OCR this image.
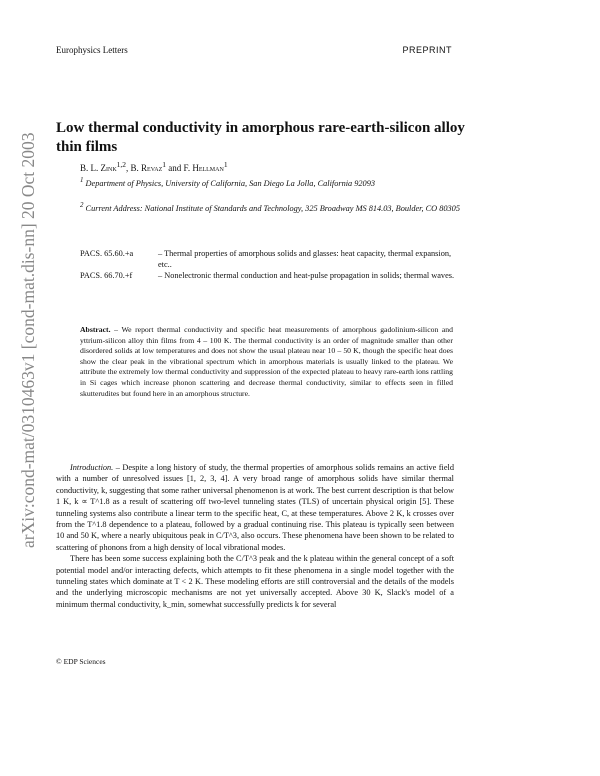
Europhysics Letters	PREPRINT
arXiv:cond-mat/0310463v1 [cond-mat.dis-nn] 20 Oct 2003
Low thermal conductivity in amorphous rare-earth-silicon alloy thin films
B. L. Zink$^{1,2}$, B. Revaz$^1$ and F. Hellman$^1$
$^1$ Department of Physics, University of California, San Diego La Jolla, California 92093
$^2$ Current Address: National Institute of Standards and Technology, 325 Broadway MS 814.03, Boulder, CO 80305
PACS. 65.60.+a	– Thermal properties of amorphous solids and glasses: heat capacity, thermal expansion, etc..
PACS. 66.70.+f	– Nonelectronic thermal conduction and heat-pulse propagation in solids; thermal waves.
Abstract. – We report thermal conductivity and specific heat measurements of amorphous gadolinium-silicon and yttrium-silicon alloy thin films from 4 – 100 K. The thermal conductivity is an order of magnitude smaller than other disordered solids at low temperatures and does not show the usual plateau near 10 – 50 K, though the specific heat does show the clear peak in the vibrational spectrum which in amorphous materials is usually linked to the plateau. We attribute the extremely low thermal conductivity and suppression of the expected plateau to heavy rare-earth ions rattling in Si cages which increase phonon scattering and decrease thermal conductivity, similar to effects seen in filled skutterudites but found here in an amorphous structure.

Introduction. – Despite a long history of study, the thermal properties of amorphous solids remains an active field with a number of unresolved issues [1, 2, 3, 4]. A very broad range of amorphous solids have similar thermal conductivity, k, suggesting that some rather universal phenomenon is at work. The best current description is that below 1 K, k ∝ T^1.8 as a result of scattering off two-level tunneling states (TLS) of uncertain physical origin [5]. These tunneling systems also contribute a linear term to the specific heat, C, at these temperatures. Above 2 K, k crosses over from the T^1.8 dependence to a plateau, followed by a gradual continuing rise. This plateau is typically seen between 10 and 50 K, where a nearly ubiquitous peak in C/T^3, also occurs. These phenomena have been shown to be related to scattering of phonons from a high density of local vibrational modes.

There has been some success explaining both the C/T^3 peak and the k plateau within the general concept of a soft potential model and/or interacting defects, which attempts to fit these phenomena in a single model together with the tunneling states which dominate at T < 2 K. These modeling efforts are still controversial and the details of the models and the underlying microscopic mechanisms are not yet universally accepted. Above 30 K, Slack's model of a minimum thermal conductivity, k_min, somewhat successfully predicts k for several

© EDP Sciences
